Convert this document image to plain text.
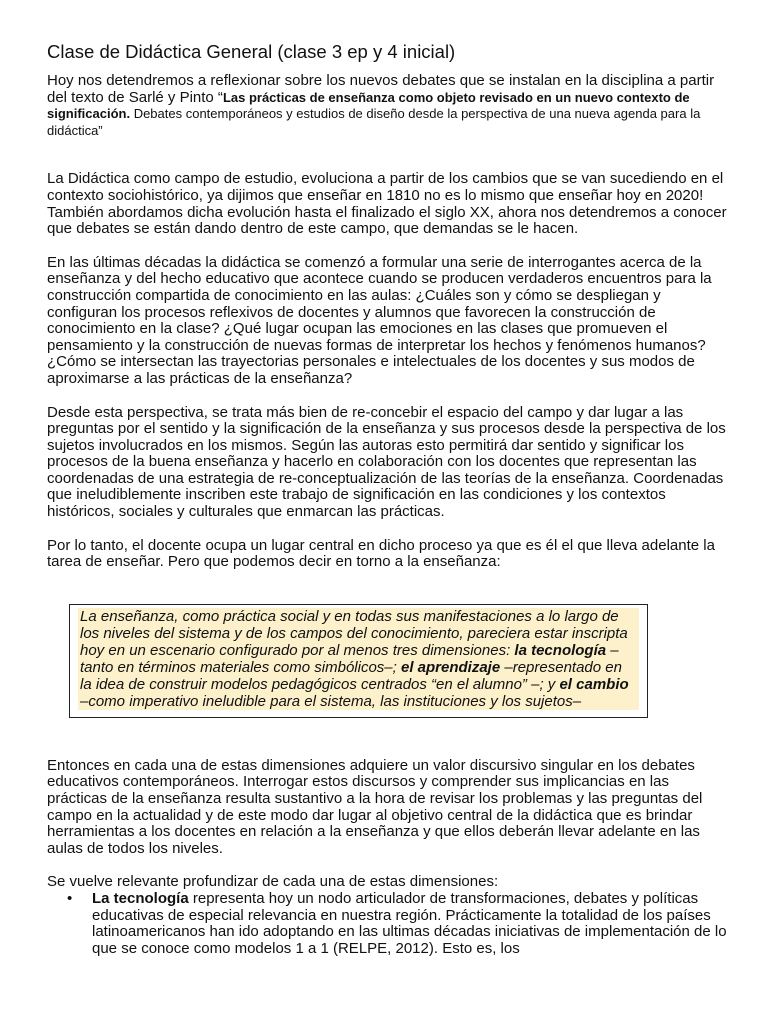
Clase de Didáctica General (clase 3 ep y 4 inicial)

Hoy nos detendremos a reflexionar sobre los nuevos debates que se instalan en la disciplina a partir del texto de Sarlé y Pinto “Las prácticas de enseñanza como objeto revisado en un nuevo contexto de significación. Debates contemporáneos y estudios de diseño desde la perspectiva de una nueva agenda para la didáctica”

La Didáctica como campo de estudio, evoluciona a partir de los cambios que se van sucediendo en el contexto sociohistórico, ya dijimos que enseñar en 1810 no es lo mismo que enseñar hoy en 2020! También abordamos dicha evolución hasta el finalizado el siglo XX, ahora nos detendremos a conocer que debates se están dando dentro de este campo, que demandas se le hacen.

En las últimas décadas la didáctica se comenzó a formular una serie de interrogantes acerca de la enseñanza y del hecho educativo que acontece cuando se producen verdaderos encuentros para la construcción compartida de conocimiento en las aulas: ¿Cuáles son y cómo se despliegan y configuran los procesos reflexivos de docentes y alumnos que favorecen la construcción de conocimiento en la clase? ¿Qué lugar ocupan las emociones en las clases que promueven el pensamiento y la construcción de nuevas formas de interpretar los hechos y fenómenos humanos? ¿Cómo se intersectan las trayectorias personales e intelectuales de los docentes y sus modos de aproximarse a las prácticas de la enseñanza?

Desde esta perspectiva, se trata más bien de re-concebir el espacio del campo y dar lugar a las preguntas por el sentido y la significación de la enseñanza y sus procesos desde la perspectiva de los sujetos involucrados en los mismos. Según las autoras esto permitirá dar sentido y significar los procesos de la buena enseñanza y hacerlo en colaboración con los docentes que representan las coordenadas de una estrategia de re-conceptualización de las teorías de la enseñanza. Coordenadas que ineludiblemente inscriben este trabajo de significación en las condiciones y los contextos históricos, sociales y culturales que enmarcan las prácticas.

Por lo tanto, el docente ocupa un lugar central en dicho proceso ya que es él el que lleva adelante la tarea de enseñar. Pero que podemos decir en torno a la enseñanza:

La enseñanza, como práctica social y en todas sus manifestaciones a lo largo de los niveles del sistema y de los campos del conocimiento, pareciera estar inscripta hoy en un escenario configurado por al menos tres dimensiones: la tecnología –tanto en términos materiales como simbólicos–; el aprendizaje –representado en la idea de construir modelos pedagógicos centrados “en el alumno” –; y el cambio –como imperativo ineludible para el sistema, las instituciones y los sujetos–

Entonces en cada una de estas dimensiones adquiere un valor discursivo singular en los debates educativos contemporáneos. Interrogar estos discursos y comprender sus implicancias en las prácticas de la enseñanza resulta sustantivo a la hora de revisar los problemas y las preguntas del campo en la actualidad y de este modo dar lugar al objetivo central de la didáctica que es brindar herramientas a los docentes en relación a la enseñanza y que ellos deberán llevar adelante en las aulas de todos los niveles.

Se vuelve relevante profundizar de cada una de estas dimensiones:

• La tecnología representa hoy un nodo articulador de transformaciones, debates y políticas educativas de especial relevancia en nuestra región. Prácticamente la totalidad de los países latinoamericanos han ido adoptando en las ultimas décadas iniciativas de implementación de lo que se conoce como modelos 1 a 1 (RELPE, 2012). Esto es, los
